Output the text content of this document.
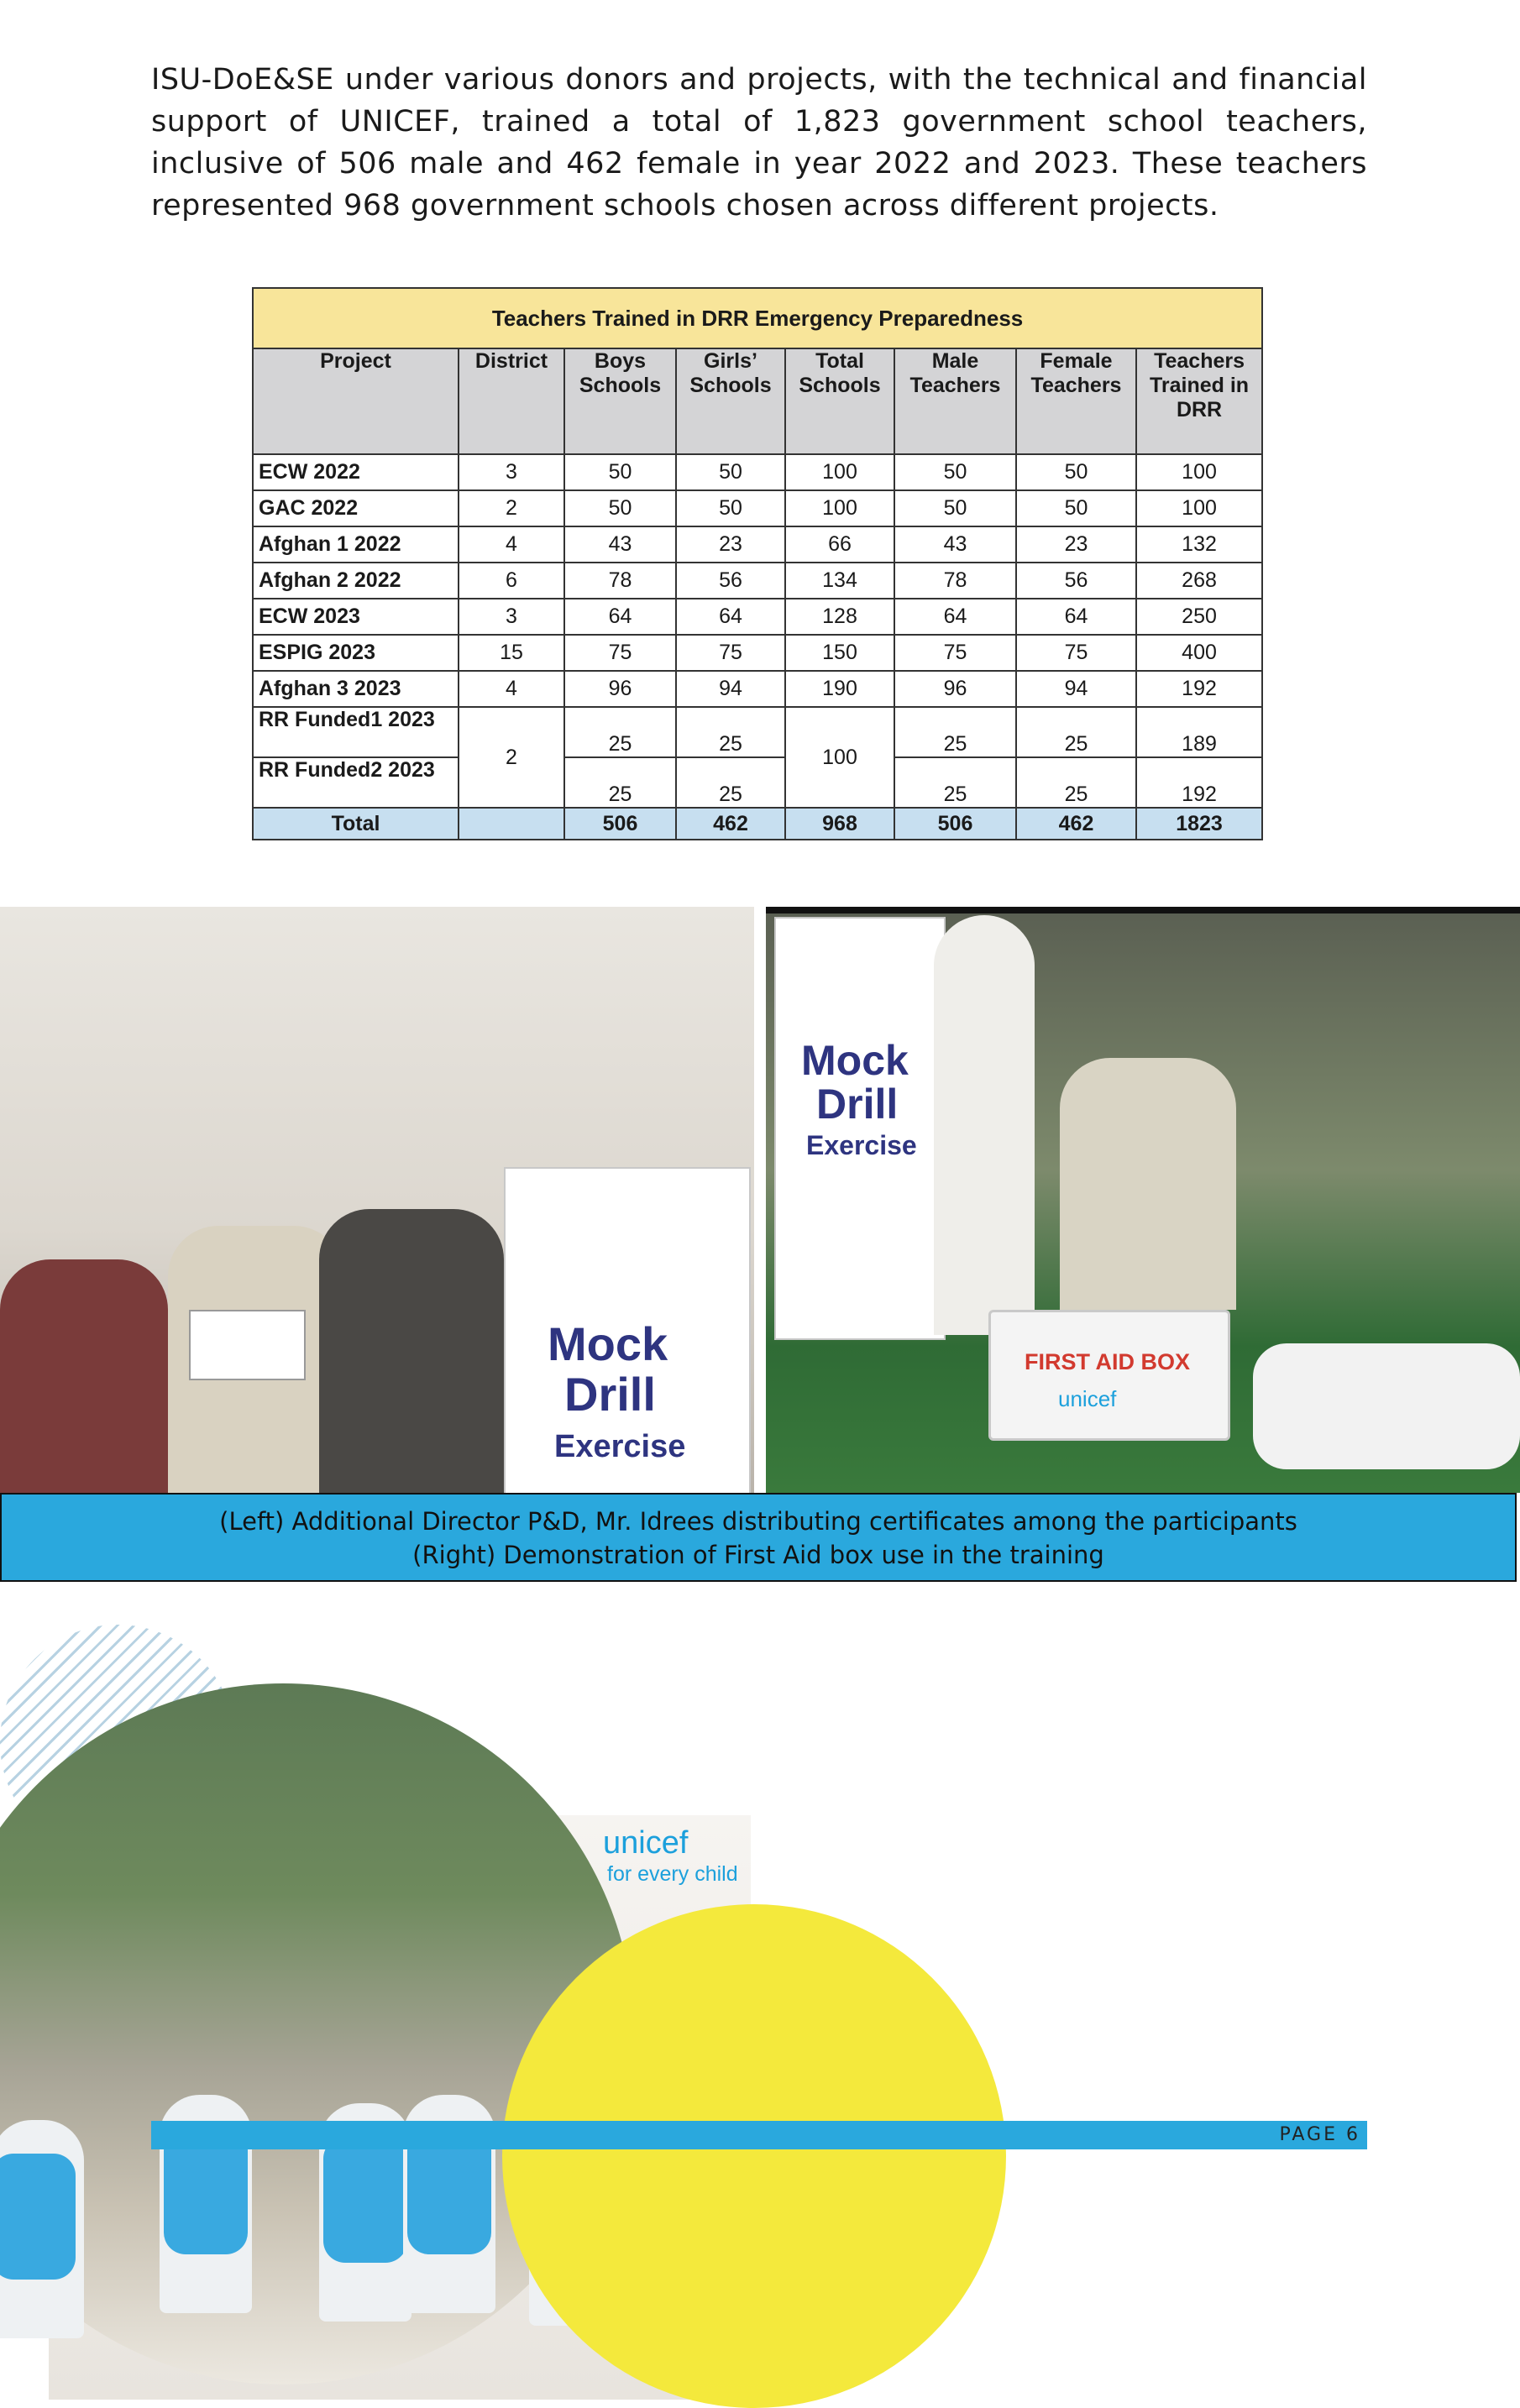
ISU-DoE&SE under various donors and projects, with the technical and financial support of UNICEF, trained a total of 1,823 government school teachers, inclusive of 506 male and 462 female in year 2022 and 2023. These teachers represented 968 government schools chosen across different projects.

Teachers Trained in DRR Emergency Preparedness							
Project	District	Boys Schools	Girls’ Schools	Total Schools	Male Teachers	Female Teachers	Teachers Trained in DRR
ECW 2022	3	50	50	100	50	50	100
GAC 2022	2	50	50	100	50	50	100
Afghan 1 2022	4	43	23	66	43	23	132
Afghan 2 2022	6	78	56	134	78	56	268
ECW 2023	3	64	64	128	64	64	250
ESPIG 2023	15	75	75	150	75	75	400
Afghan 3 2023	4	96	94	190	96	94	192
RR Funded1 2023	2	25	25	100	25	25	189
RR Funded2 2023		25	25		25	25	192
Total		506	462	968	506	462	1823
unicef
for every child
Mock
Drill
Exercise
Mock
Drill
Exercise
FIRST AID BOX
unicef
(Left) Additional Director P&D, Mr. Idrees distributing certificates among the participants
(Right) Demonstration of First Aid box use in the training
PAGE 6
